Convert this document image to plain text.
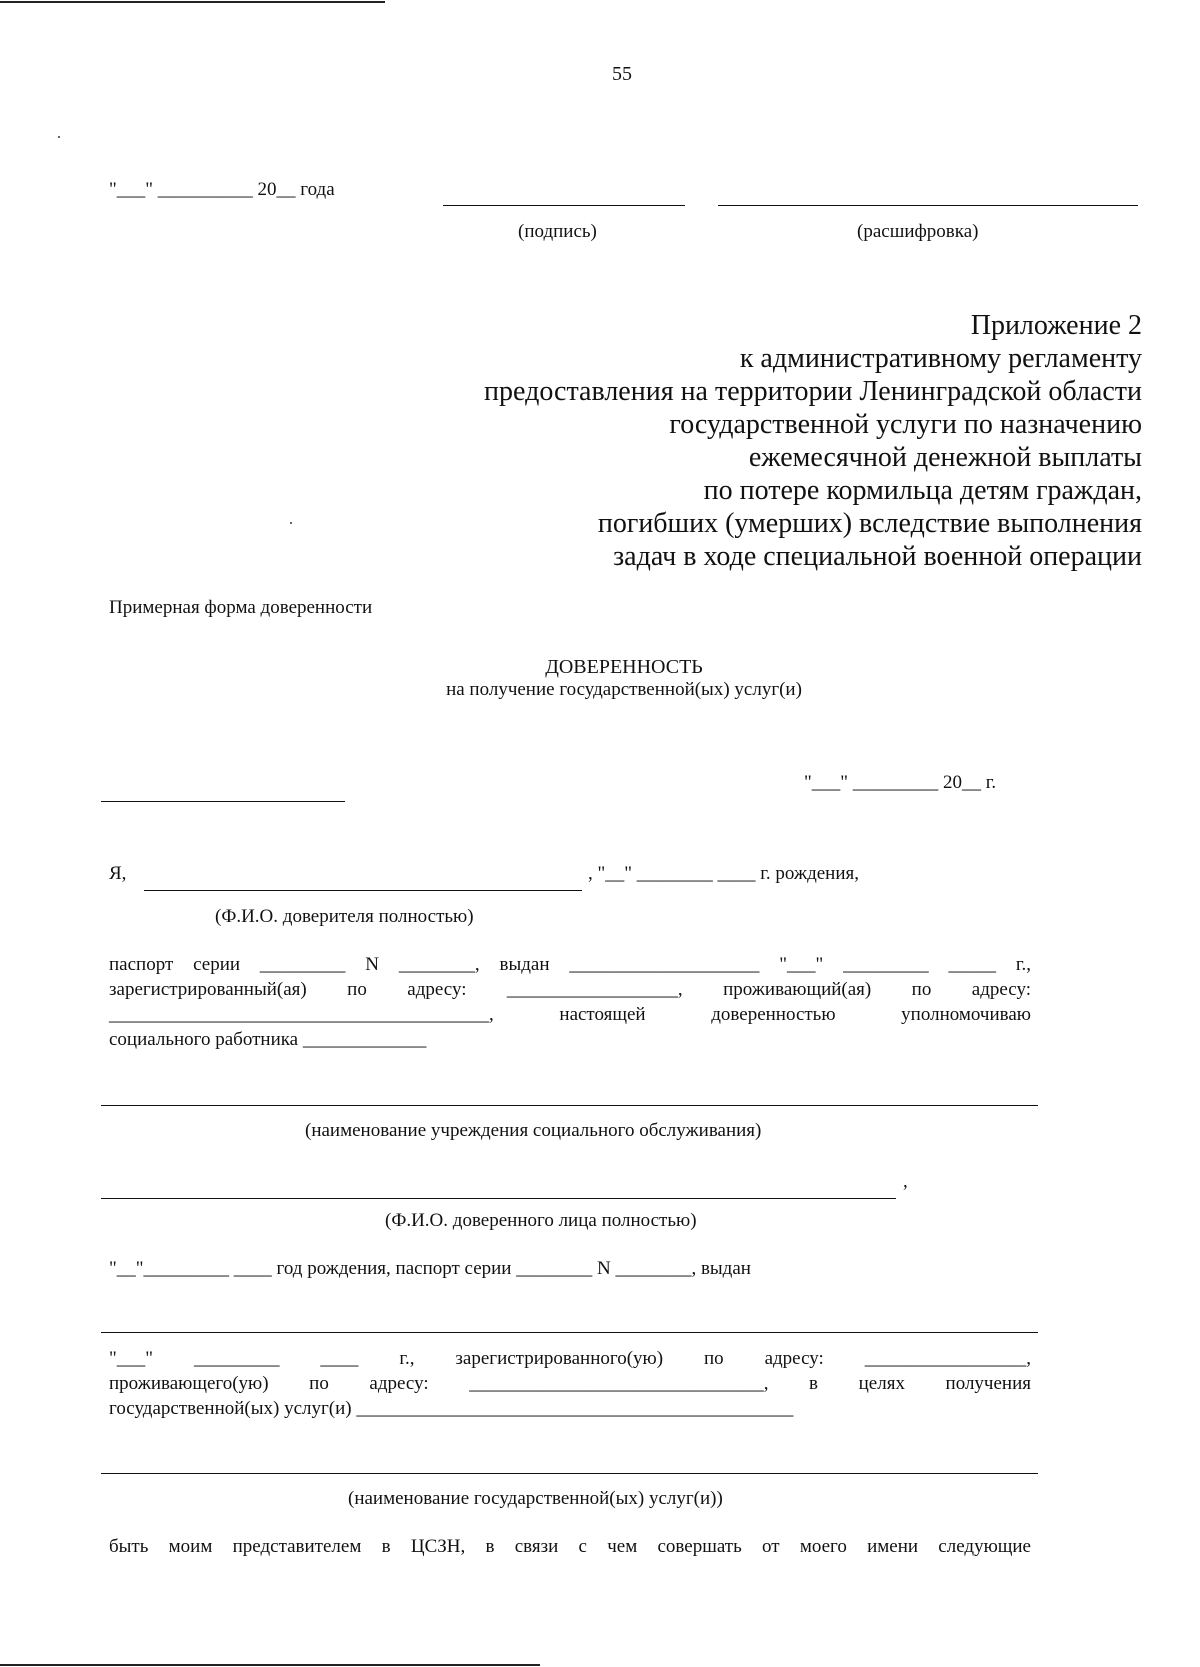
55
"___" __________ 20__ года
(подпись)	(расшифровка)
Приложение 2
к административному регламенту
предоставления на территории Ленинградской области
государственной услуги по назначению
ежемесячной денежной выплаты
по потере кормильца детям граждан,
погибших (умерших) вследствие выполнения
задач в ходе специальной военной операции
Примерная форма доверенности
ДОВЕРЕННОСТЬ
на получение государственной(ых) услуг(и)
"___" _________ 20__ г.
Я,	, "__" ________ ____ г. рождения,
(Ф.И.О. доверителя полностью)
паспорт серии _________ N ________, выдан ____________________ "___" _________ _____ г.,
зарегистрированный(ая) по адресу: __________________, проживающий(ая) по адресу:
________________________________________, настоящей доверенностью уполномочиваю
социального работника _____________
(наименование учреждения социального обслуживания)
,
(Ф.И.О. доверенного лица полностью)
"__"_________ ____ год рождения, паспорт серии ________ N ________, выдан
"___" _________ ____ г., зарегистрированного(ую) по адресу: _________________,
проживающего(ую) по адресу: _______________________________, в целях получения
государственной(ых) услуг(и) ______________________________________________
(наименование государственной(ых) услуг(и))
быть моим представителем в ЦСЗН, в связи с чем совершать от моего имени следующие
